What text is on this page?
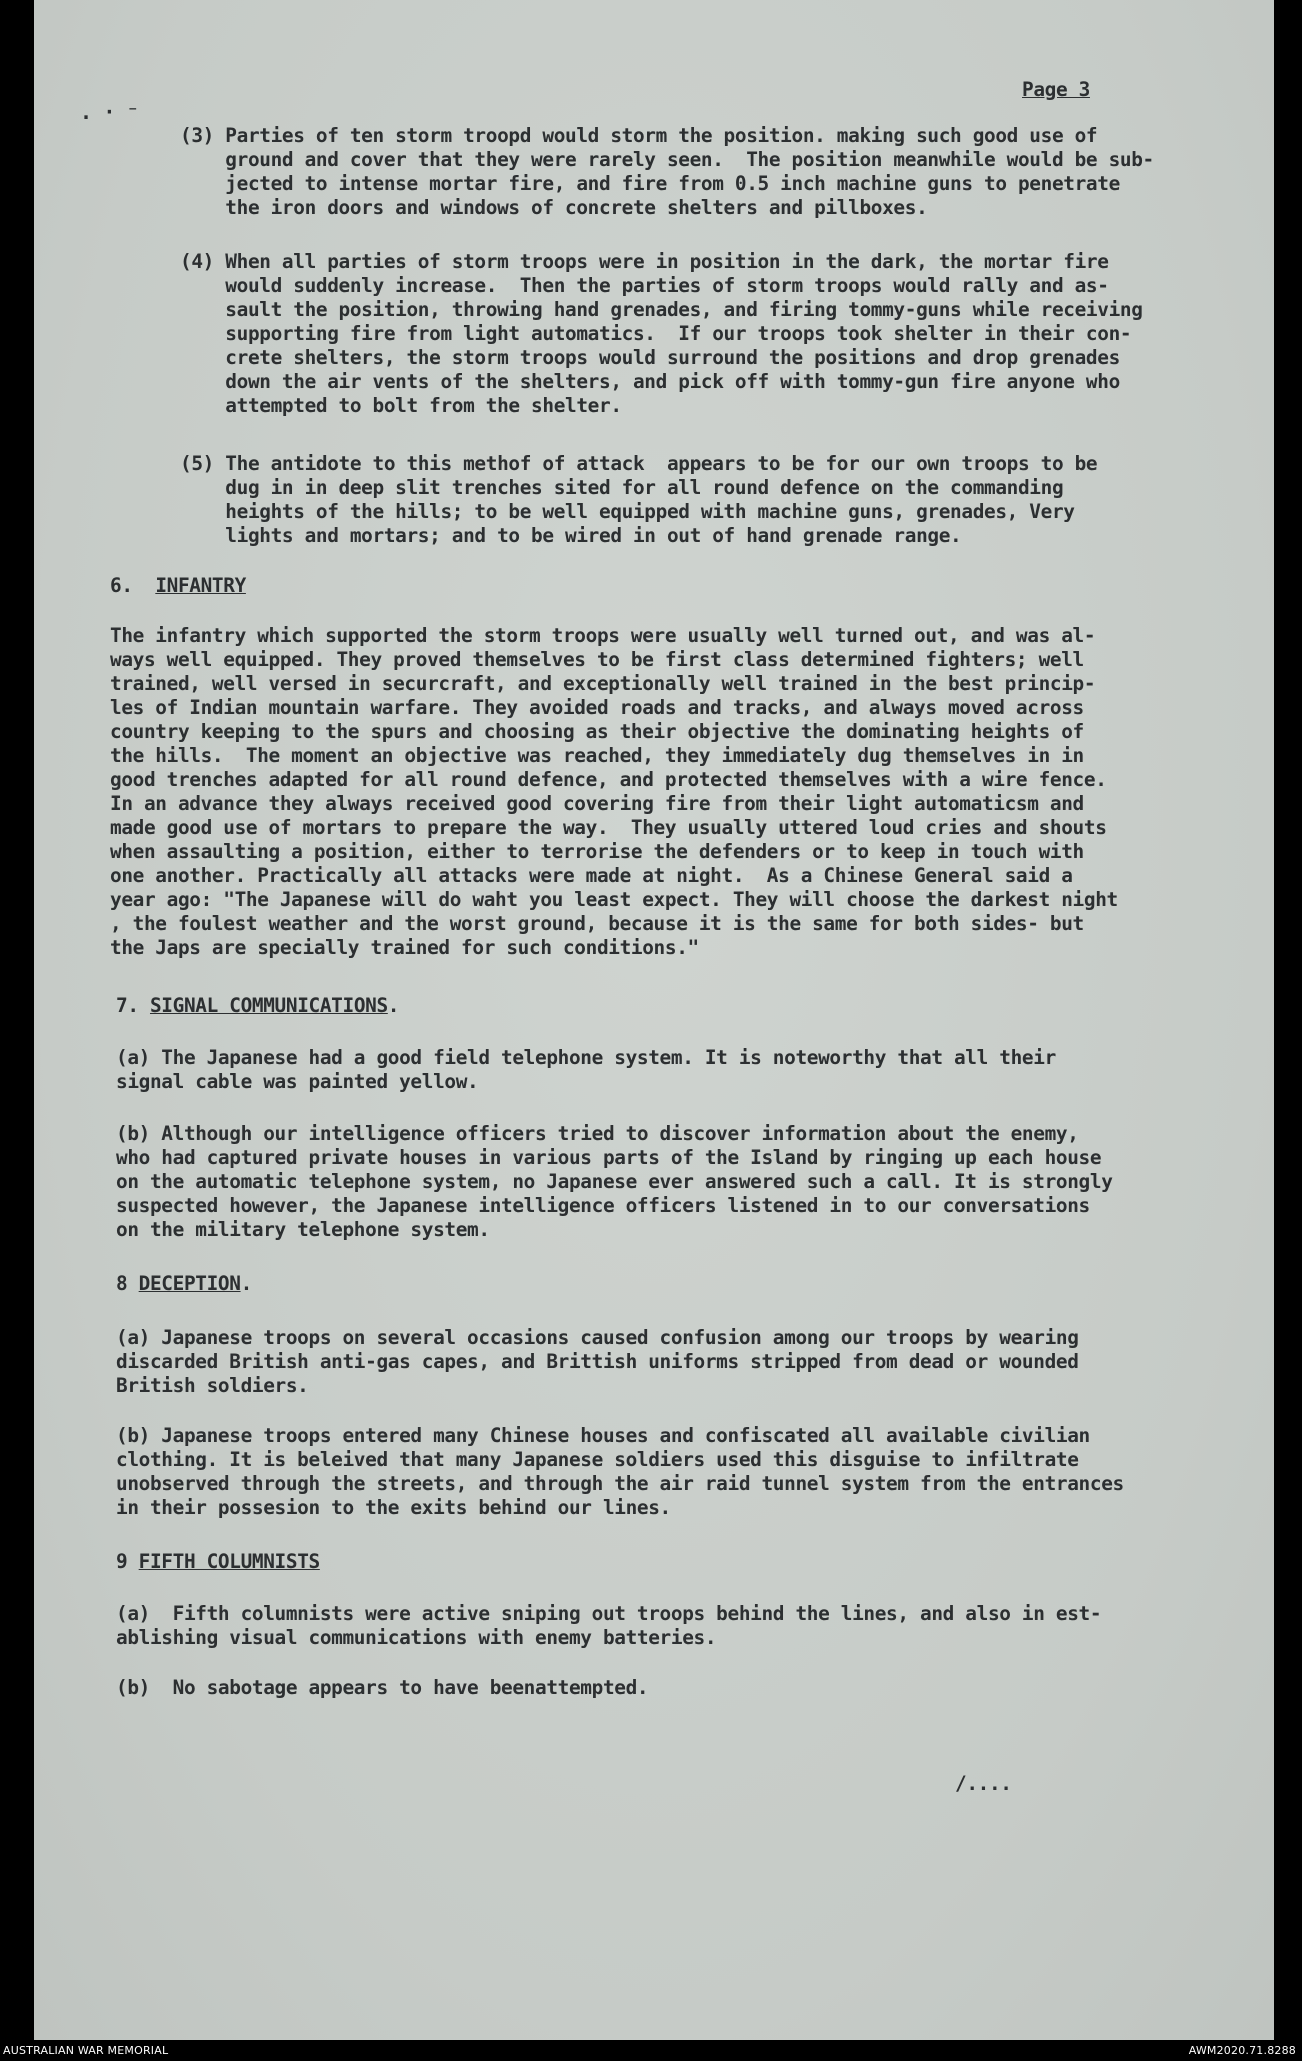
Page 3
. · ⁻
(3) Parties of ten storm troopd would storm the position. making such good use of
ground and cover that they were rarely seen.  The position meanwhile would be sub-
jected to intense mortar fire, and fire from 0.5 inch machine guns to penetrate
the iron doors and windows of concrete shelters and pillboxes.
(4) When all parties of storm troops were in position in the dark, the mortar fire
would suddenly increase.  Then the parties of storm troops would rally and as-
sault the position, throwing hand grenades, and firing tommy-guns while receiving
supporting fire from light automatics.  If our troops took shelter in their con-
crete shelters, the storm troops would surround the positions and drop grenades
down the air vents of the shelters, and pick off with tommy-gun fire anyone who
attempted to bolt from the shelter.
(5) The antidote to this methof of attack  appears to be for our own troops to be
dug in in deep slit trenches sited for all round defence on the commanding
heights of the hills; to be well equipped with machine guns, grenades, Very
lights and mortars; and to be wired in out of hand grenade range.
6. INFANTRY
The infantry which supported the storm troops were usually well turned out, and was al-
ways well equipped. They proved themselves to be first class determined fighters; well
trained, well versed in securcraft, and exceptionally well trained in the best princip-
les of Indian mountain warfare. They avoided roads and tracks, and always moved across
country keeping to the spurs and choosing as their objective the dominating heights of
the hills.  The moment an objective was reached, they immediately dug themselves in in
good trenches adapted for all round defence, and protected themselves with a wire fence.
In an advance they always received good covering fire from their light automaticsm and
made good use of mortars to prepare the way.  They usually uttered loud cries and shouts
when assaulting a position, either to terrorise the defenders or to keep in touch with
one another. Practically all attacks were made at night.  As a Chinese General said a
year ago: "The Japanese will do waht you least expect. They will choose the darkest night
, the foulest weather and the worst ground, because it is the same for both sides- but
the Japs are specially trained for such conditions."
7. SIGNAL COMMUNICATIONS.
(a) The Japanese had a good field telephone system. It is noteworthy that all their
signal cable was painted yellow.
(b) Although our intelligence officers tried to discover information about the enemy,
who had captured private houses in various parts of the Island by ringing up each house
on the automatic telephone system, no Japanese ever answered such a call. It is strongly
suspected however, the Japanese intelligence officers listened in to our conversations
on the military telephone system.
8 DECEPTION.
(a) Japanese troops on several occasions caused confusion among our troops by wearing
discarded British anti-gas capes, and Brittish uniforms stripped from dead or wounded
British soldiers.
(b) Japanese troops entered many Chinese houses and confiscated all available civilian
clothing. It is beleived that many Japanese soldiers used this disguise to infiltrate
unobserved through the streets, and through the air raid tunnel system from the entrances
in their possesion to the exits behind our lines.
9 FIFTH COLUMNISTS
(a)  Fifth columnists were active sniping out troops behind the lines, and also in est-
ablishing visual communications with enemy batteries.
(b)  No sabotage appears to have beenattempted.
/....
AUSTRALIAN WAR MEMORIAL	AWM2020.71.8288
